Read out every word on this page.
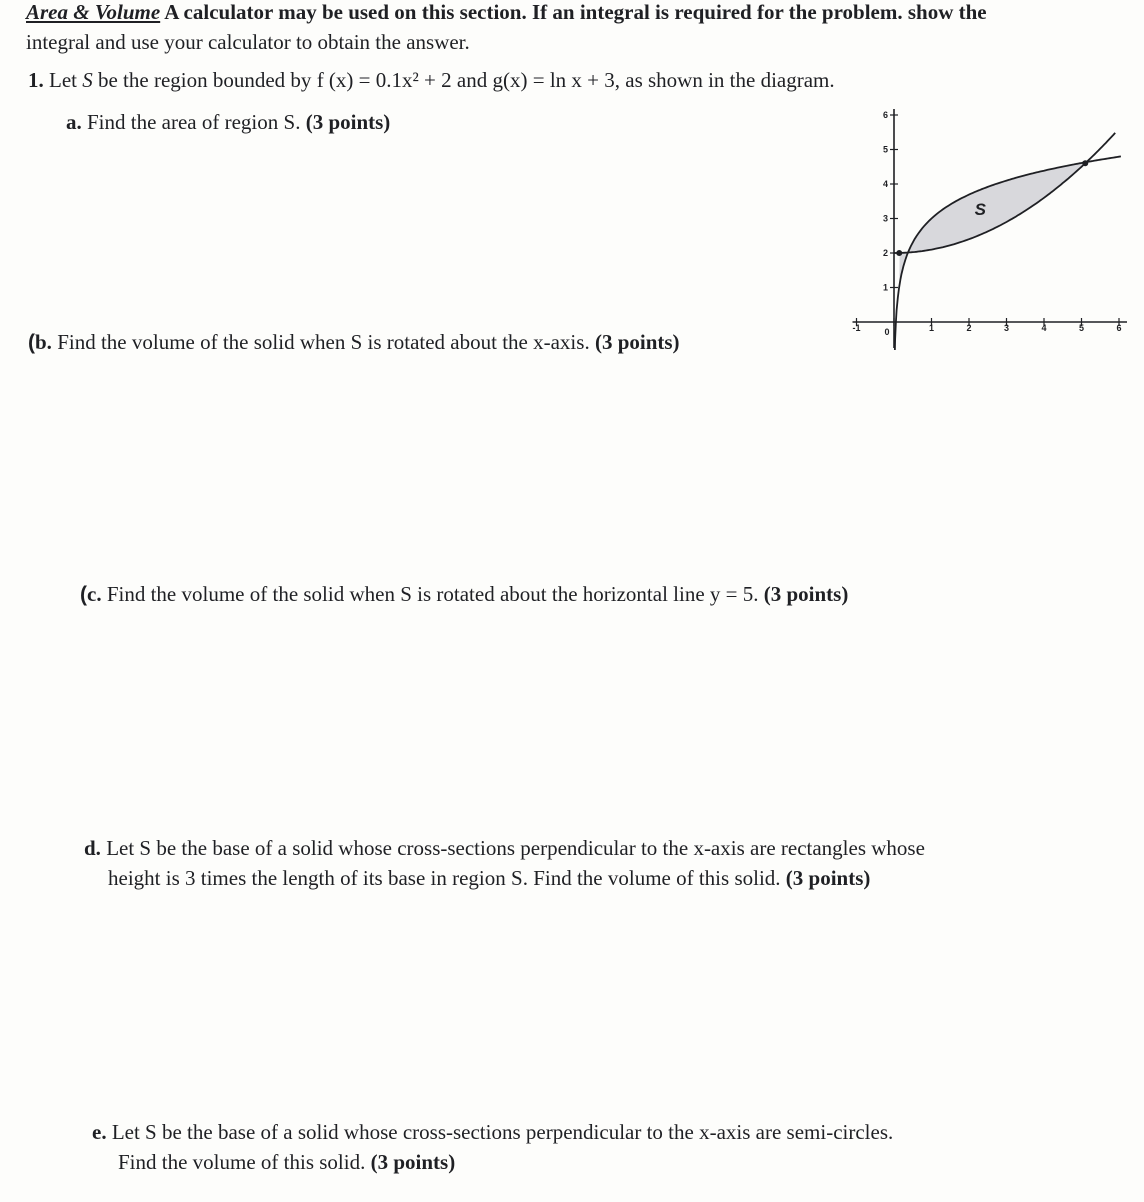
Area & Volume A calculator may be used on this section. If an integral is required for the problem. show the
integral and use your calculator to obtain the answer.
1. Let S be the region bounded by f (x) = 0.1x² + 2 and g(x) = ln x + 3, as shown in the diagram.
a. Find the area of region S. (3 points)
-1	0	1	2	3	4	5	6
1
2
3
4
5
6
S
(b. Find the volume of the solid when S is rotated about the x-axis. (3 points)
(c. Find the volume of the solid when S is rotated about the horizontal line y = 5. (3 points)
d. Let S be the base of a solid whose cross-sections perpendicular to the x-axis are rectangles whose
height is 3 times the length of its base in region S. Find the volume of this solid. (3 points)
e. Let S be the base of a solid whose cross-sections perpendicular to the x-axis are semi-circles.
Find the volume of this solid. (3 points)
